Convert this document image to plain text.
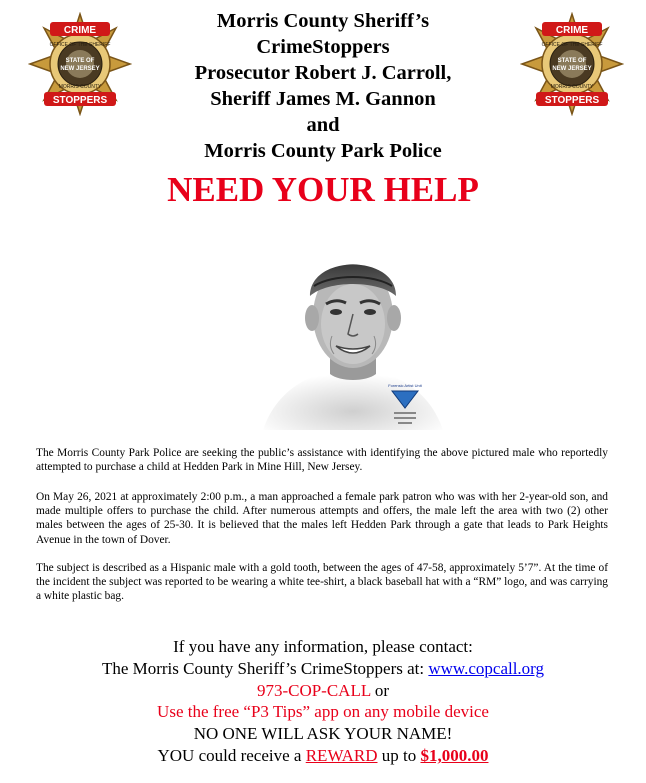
CRIME
STOPPERS
OFFICE OF THE SHERIFF
MORRIS COUNTY
STATE OF
NEW JERSEY
CRIME
STOPPERS
OFFICE OF THE SHERIFF
MORRIS COUNTY
STATE OF
NEW JERSEY
Morris County Sheriff’s
CrimeStoppers
Prosecutor Robert J. Carroll,
Sheriff James M. Gannon
and
Morris County Park Police
NEED YOUR HELP
Forensic Artist Unit
The Morris County Park Police are seeking the public’s assistance with identifying the above pictured male who reportedly attempted to purchase a child at Hedden Park in Mine Hill, New Jersey.
On May 26, 2021 at approximately 2:00 p.m., a man approached a female park patron who was with her 2-year-old son, and made multiple offers to purchase the child. After numerous attempts and offers, the male left the area with two (2) other males between the ages of 25-30. It is believed that the males left Hedden Park through a gate that leads to Park Heights Avenue in the town of Dover.
The subject is described as a Hispanic male with a gold tooth, between the ages of 47-58, approximately 5’7”. At the time of the incident the subject was reported to be wearing a white tee-shirt, a black baseball hat with a “RM” logo, and was carrying a white plastic bag.
If you have any information, please contact:
The Morris County Sheriff’s CrimeStoppers at: www.copcall.org
973-COP-CALL or
Use the free “P3 Tips” app on any mobile device
NO ONE WILL ASK YOUR NAME!
YOU could receive a REWARD up to $1,000.00
